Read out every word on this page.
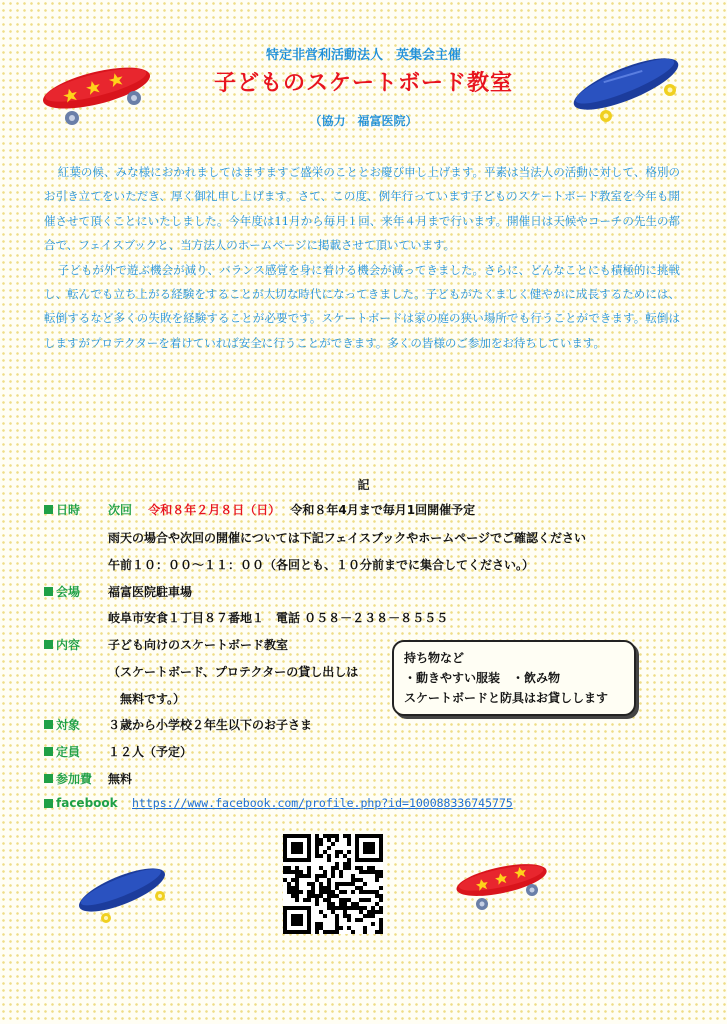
特定非営利活動法人　英集会主催
子どものスケートボード教室
（協力　福富医院）

紅葉の候、みな様におかれましてはますますご盛栄のこととお慶び申し上げます。平素は当法人の活動に対して、格別のお引き立てをいただき、厚く御礼申し上げます。さて、この度、例年行っています子どものスケートボード教室を今年も開催させて頂くことにいたしました。今年度は11月から毎月１回、来年４月まで行います。開催日は天候やコーチの先生の都合で、フェイスブックと、当方法人のホームページに掲載させて頂いています。

子どもが外で遊ぶ機会が減り、バランス感覚を身に着ける機会が減ってきました。さらに、どんなことにも積極的に挑戦し、転んでも立ち上がる経験をすることが大切な時代になってきました。子どもがたくましく健やかに成長するためには、転倒するなど多くの失敗を経験することが必要です。スケートボードは家の庭の狭い場所でも行うことができます。転倒はしますがプロテクターを着けていれば安全に行うことができます。多くの皆様のご参加をお待ちしています。

記
日時 次回　 令和８年２月８日（日）　 令和８年4月まで毎月1回開催予定
雨天の場合や次回の開催については下記フェイスブックやホームページでご確認ください
午前１０：００～１１：００（各回とも、１０分前までに集合してください。）
会場 福富医院駐車場
岐阜市安食１丁目８７番地１　電話 ０５８－２３８－８５５５
内容 子ども向けのスケートボード教室
（スケートボード、プロテクターの貸し出しは
無料です。）
持ち物など
・動きやすい服装　・飲み物
スケートボードと防具はお貸しします
対象 ３歳から小学校２年生以下のお子さま
定員 １２人（予定）
参加費 無料
facebook https://www.facebook.com/profile.php?id=100088336745775
